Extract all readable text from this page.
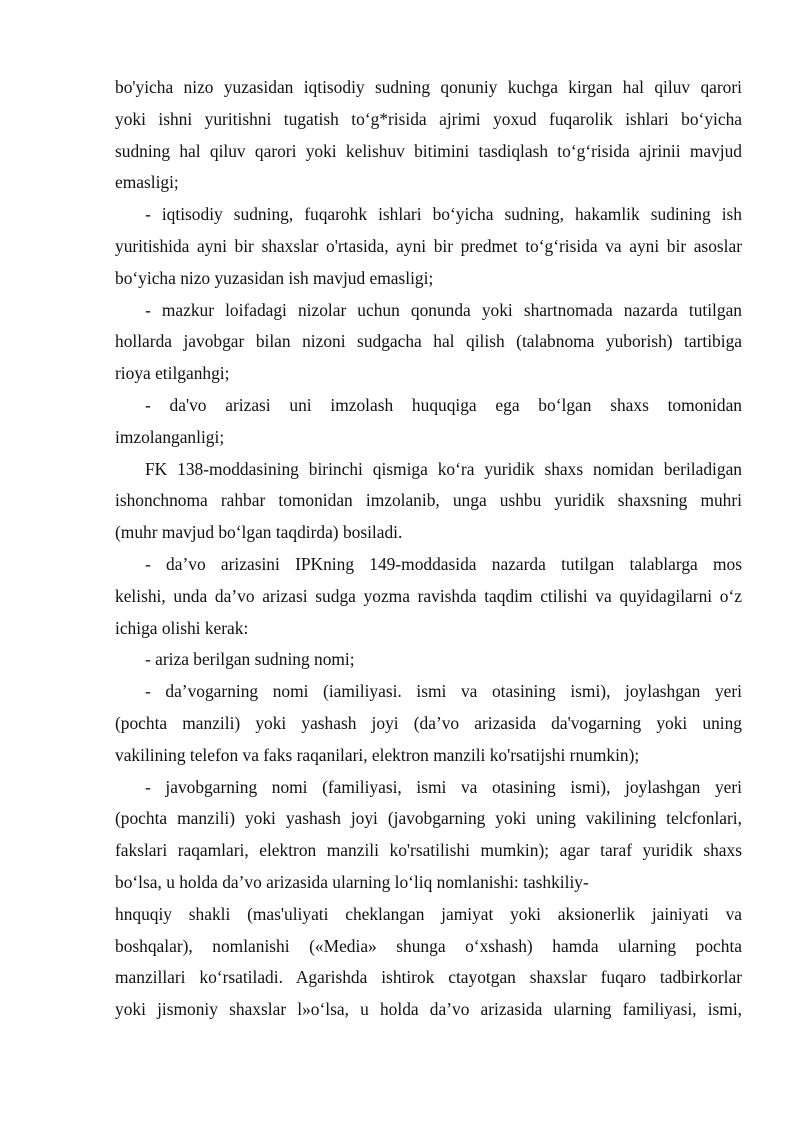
bo'yicha nizo yuzasidan iqtisodiy sudning qonuniy kuchga kirgan hal qiluv qarori
yoki ishni yuritishni tugatish to‘g*risida ajrimi yoxud fuqarolik ishlari bo‘yicha
sudning hal qiluv qarori yoki kelishuv bitimini tasdiqlash to‘g‘risida ajrinii mavjud
emasligi;
- iqtisodiy sudning, fuqarohk ishlari bo‘yicha sudning, hakamlik sudining ish
yuritishida ayni bir shaxslar o'rtasida, ayni bir predmet to‘g‘risida va ayni bir asoslar
bo‘yicha nizo yuzasidan ish mavjud emasligi;
- mazkur loifadagi nizolar uchun qonunda yoki shartnomada nazarda tutilgan
hollarda javobgar bilan nizoni sudgacha hal qilish (talabnoma yuborish) tartibiga
rioya etilganhgi;
- da'vo arizasi uni imzolash huquqiga ega bo‘lgan shaxs tomonidan
imzolanganligi;
FK 138-moddasining birinchi qismiga ko‘ra yuridik shaxs nomidan beriladigan
ishonchnoma rahbar tomonidan imzolanib, unga ushbu yuridik shaxsning muhri
(muhr mavjud bo‘lgan taqdirda) bosiladi.
- da’vo arizasini IPKning 149-moddasida nazarda tutilgan talablarga mos
kelishi, unda da’vo arizasi sudga yozma ravishda taqdim ctilishi va quyidagilarni o‘z
ichiga olishi kerak:
- ariza berilgan sudning nomi;
- da’vogarning nomi (iamiliyasi. ismi va otasining ismi), joylashgan yeri
(pochta manzili) yoki yashash joyi (da’vo arizasida da'vogarning yoki uning
vakilining telefon va faks raqanilari, elektron manzili ko'rsatijshi rnumkin);
- javobgarning nomi (familiyasi, ismi va otasining ismi), joylashgan yeri
(pochta manzili) yoki yashash joyi (javobgarning yoki uning vakilining telcfonlari,
fakslari raqamlari, elektron manzili ko'rsatilishi mumkin); agar taraf yuridik shaxs
bo‘lsa, u holda da’vo arizasida ularning lo‘liq nomlanishi: tashkiliy-
hnquqiy shakli (mas'uliyati cheklangan jamiyat yoki aksionerlik jainiyati va
boshqalar), nomlanishi («Media» shunga o‘xshash) hamda ularning pochta
manzillari ko‘rsatiladi. Agarishda ishtirok ctayotgan shaxslar fuqaro tadbirkorlar
yoki jismoniy shaxslar l»o‘lsa, u holda da’vo arizasida ularning familiyasi, ismi,
